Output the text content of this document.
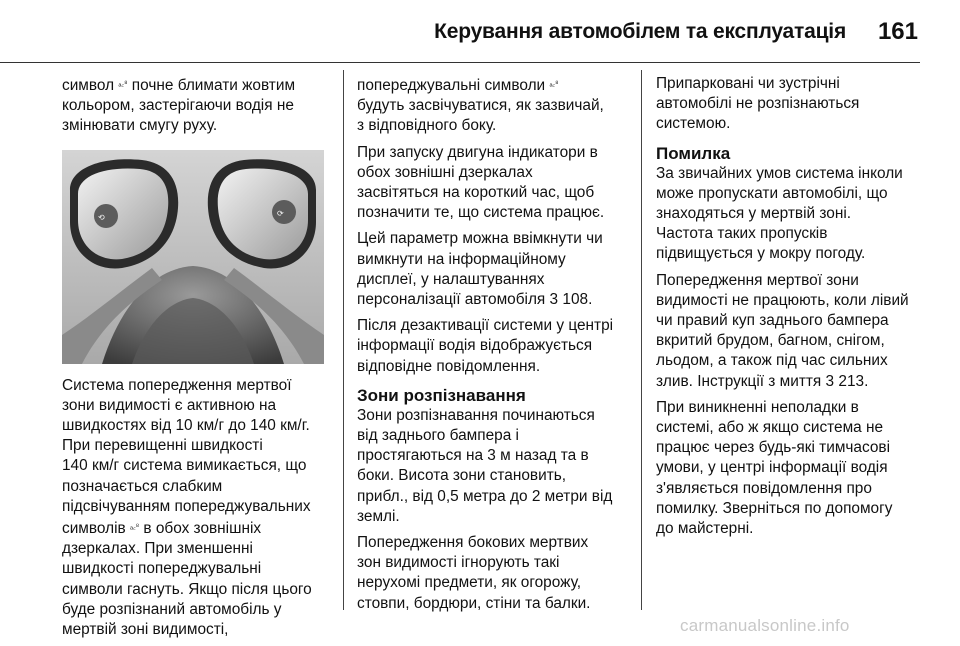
Керування автомобілем та експлуатація 161

символ ₐ꜀⁸ почне блимати жовтим
кольором, застерігаючи водія не
змінювати смугу руху.

⟲	⟳

Система попередження мертвої
зони видимості є активною на
швидкостях від 10 км/г до 140 км/г.
При перевищенні швидкості
140 км/г система вимикається, що
позначається слабким
підсвічуванням попереджувальних
символів ₐ꜀⁸ в обох зовнішніх
дзеркалах. При зменшенні
швидкості попереджувальні
символи гаснуть. Якщо після цього
буде розпізнаний автомобіль у
мертвій зоні видимості,

попереджувальні символи ₐ꜀⁸
будуть засвічуватися, як зазвичай,
з відповідного боку.

При запуску двигуна індикатори в
обох зовнішні дзеркалах
засвітяться на короткий час, щоб
позначити те, що система працює.

Цей параметр можна ввімкнути чи
вимкнути на інформаційному
дисплеї, у налаштуваннях
персоналізації автомобіля 3 108.

Після дезактивації системи у центрі
інформації водія відображується
відповідне повідомлення.

Зони розпізнавання

Зони розпізнавання починаються
від заднього бампера і
простягаються на 3 м назад та в
боки. Висота зони становить,
прибл., від 0,5 метра до 2 метри від
землі.

Попередження бокових мертвих
зон видимості ігнорують такі
нерухомі предмети, як огорожу,
стовпи, бордюри, стіни та балки.

Припарковані чи зустрічні
автомобілі не розпізнаються
системою.

Помилка

За звичайних умов система інколи
може пропускати автомобілі, що
знаходяться у мертвій зоні.
Частота таких пропусків
підвищується у мокру погоду.

Попередження мертвої зони
видимості не працюють, коли лівий
чи правий куп заднього бампера
вкритий брудом, багном, снігом,
льодом, а також під час сильних
злив. Інструкції з миття 3 213.

При виникненні неполадки в
системі, або ж якщо система не
працює через будь-які тимчасові
умови, у центрі інформації водія
з'являється повідомлення про
помилку. Зверніться по допомогу
до майстерні.

carmanualsonline.info
